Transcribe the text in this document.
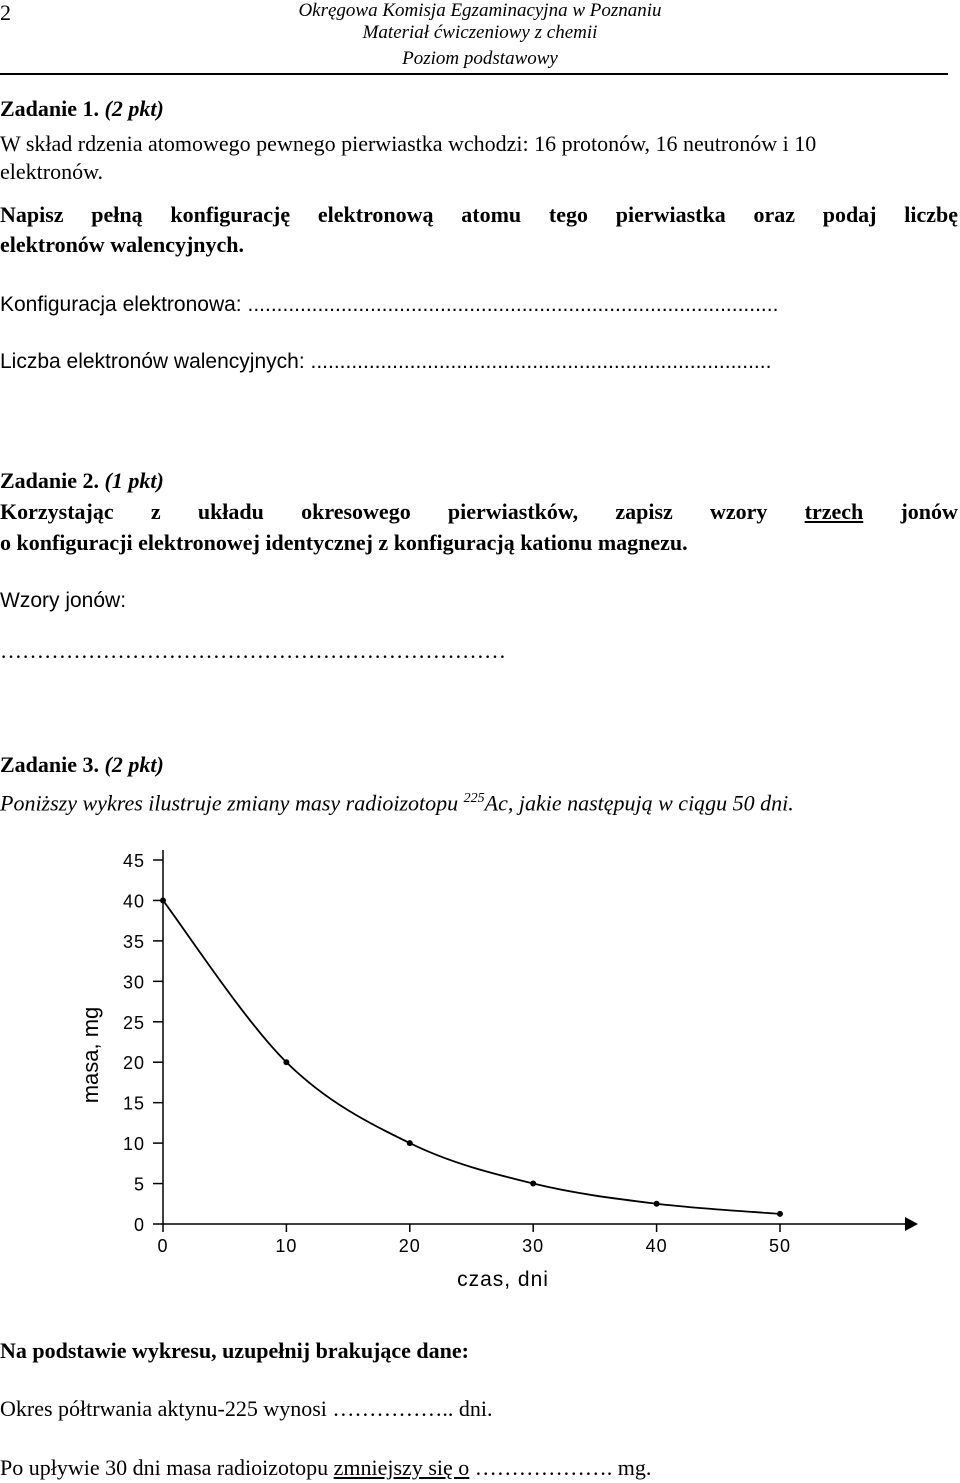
2	Okręgowa Komisja Egzaminacyjna w Poznaniu
Materiał ćwiczeniowy z chemii
Poziom podstawowy
Zadanie 1. (2 pkt)
W skład rdzenia atomowego pewnego pierwiastka wchodzi: 16 protonów, 16 neutronów i 10
elektronów.
Napisz pełną konfigurację elektronową atomu tego pierwiastka oraz podaj liczbę
elektronów walencyjnych.
Konfiguracja elektronowa: ...........................................................................................
Liczba elektronów walencyjnych: ...............................................................................
Zadanie 2. (1 pkt)
Korzystając z układu okresowego pierwiastków, zapisz wzory trzech jonów
o konfiguracji elektronowej identycznej z konfiguracją kationu magnezu.
Wzory jonów:
……………………………………………………………
Zadanie 3. (2 pkt)
Poniższy wykres ilustruje zmiany masy radioizotopu $^{225}$Ac, jakie następują w ciągu 50 dni.
0
5
10
15
20
25
30
35
40
45
0	10	20	30	40	50
masa, mg
czas, dni
Na podstawie wykresu, uzupełnij brakujące dane:
Okres półtrwania aktynu-225 wynosi …………….. dni.
Po upływie 30 dni masa radioizotopu zmniejszy się o ………………. mg.
